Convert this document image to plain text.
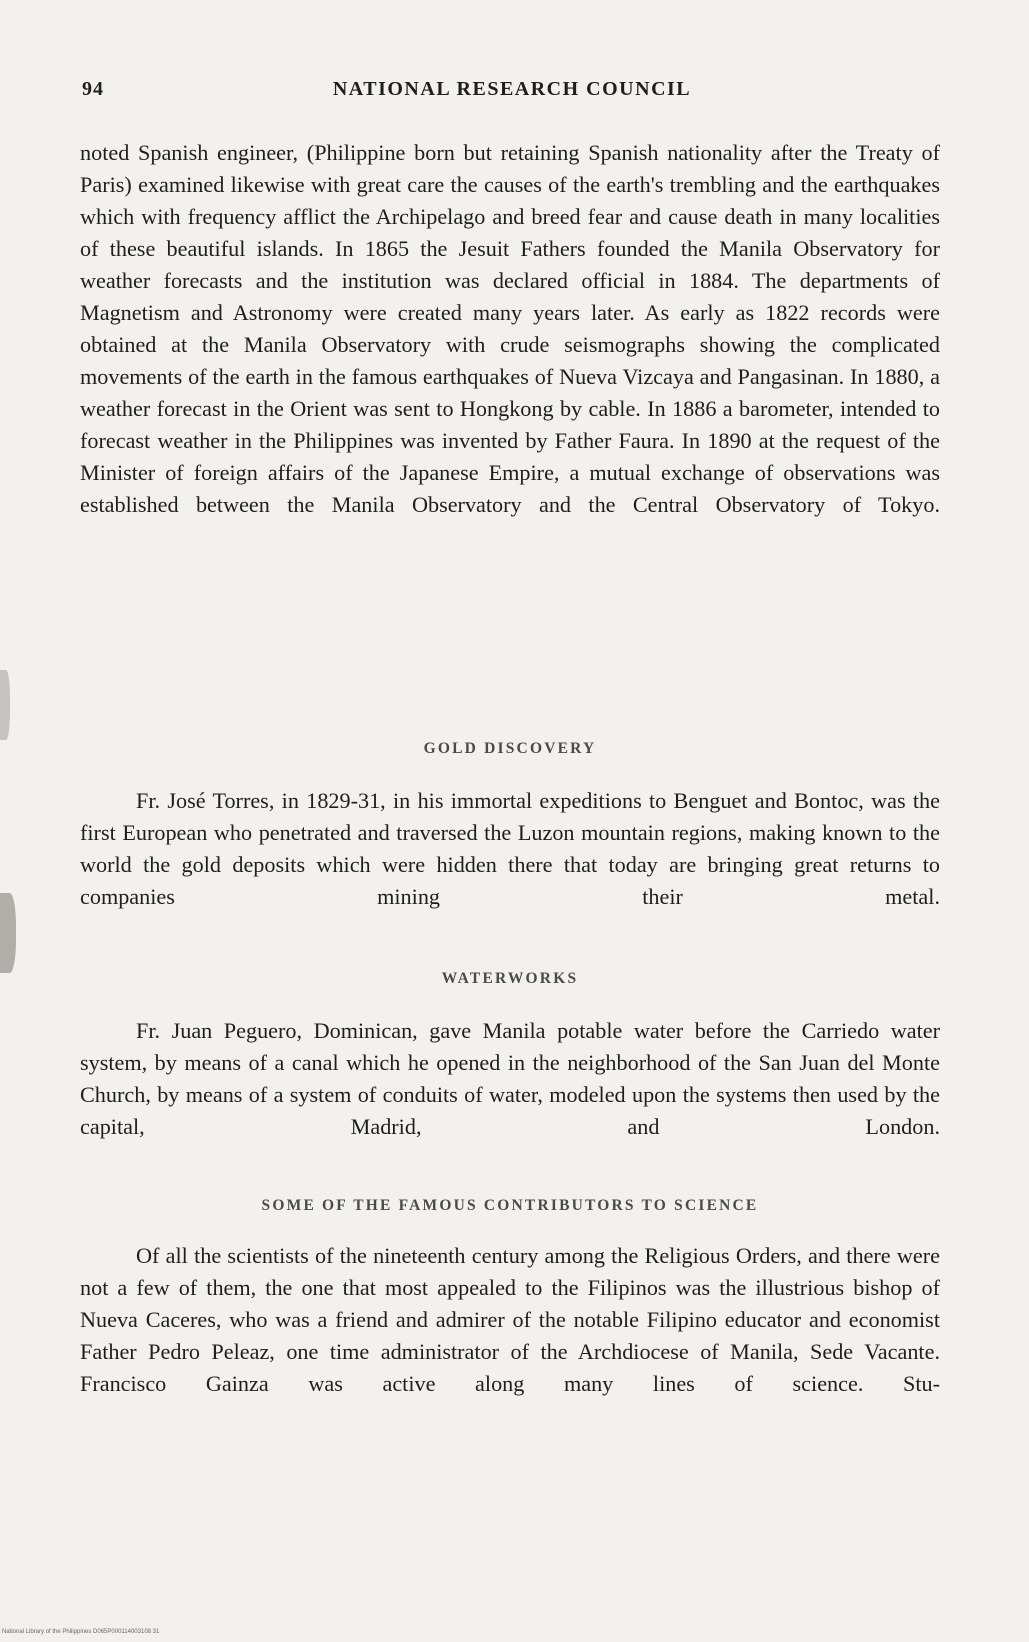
94	NATIONAL RESEARCH COUNCIL

noted Spanish engineer, (Philippine born but retaining Spanish nationality after the Treaty of Paris) examined likewise with great care the causes of the earth's trembling and the earthquakes which with frequency afflict the Archipelago and breed fear and cause death in many localities of these beautiful islands. In 1865 the Jesuit Fathers founded the Manila Observatory for weather forecasts and the institution was declared official in 1884. The departments of Magnetism and Astronomy were created many years later. As early as 1822 records were obtained at the Manila Observatory with crude seismographs showing the complicated movements of the earth in the famous earthquakes of Nueva Vizcaya and Pangasinan. In 1880, a weather forecast in the Orient was sent to Hongkong by cable. In 1886 a barometer, intended to forecast weather in the Philippines was invented by Father Faura. In 1890 at the request of the Minister of foreign affairs of the Japanese Empire, a mutual exchange of observations was established between the Manila Observatory and the Central Observatory of Tokyo.

GOLD DISCOVERY

Fr. José Torres, in 1829-31, in his immortal expeditions to Benguet and Bontoc, was the first European who penetrated and traversed the Luzon mountain regions, making known to the world the gold deposits which were hidden there that today are bringing great returns to companies mining their metal.

WATERWORKS

Fr. Juan Peguero, Dominican, gave Manila potable water before the Carriedo water system, by means of a canal which he opened in the neighborhood of the San Juan del Monte Church, by means of a system of conduits of water, modeled upon the systems then used by the capital, Madrid, and London.

SOME OF THE FAMOUS CONTRIBUTORS TO SCIENCE

Of all the scientists of the nineteenth century among the Religious Orders, and there were not a few of them, the one that most appealed to the Filipinos was the illustrious bishop of Nueva Caceres, who was a friend and admirer of the notable Filipino educator and economist Father Pedro Peleaz, one time administrator of the Archdiocese of Manila, Sede Vacante. Francisco Gainza was active along many lines of science. Stu-

National Library of the Philippines D065P000114003108 31
